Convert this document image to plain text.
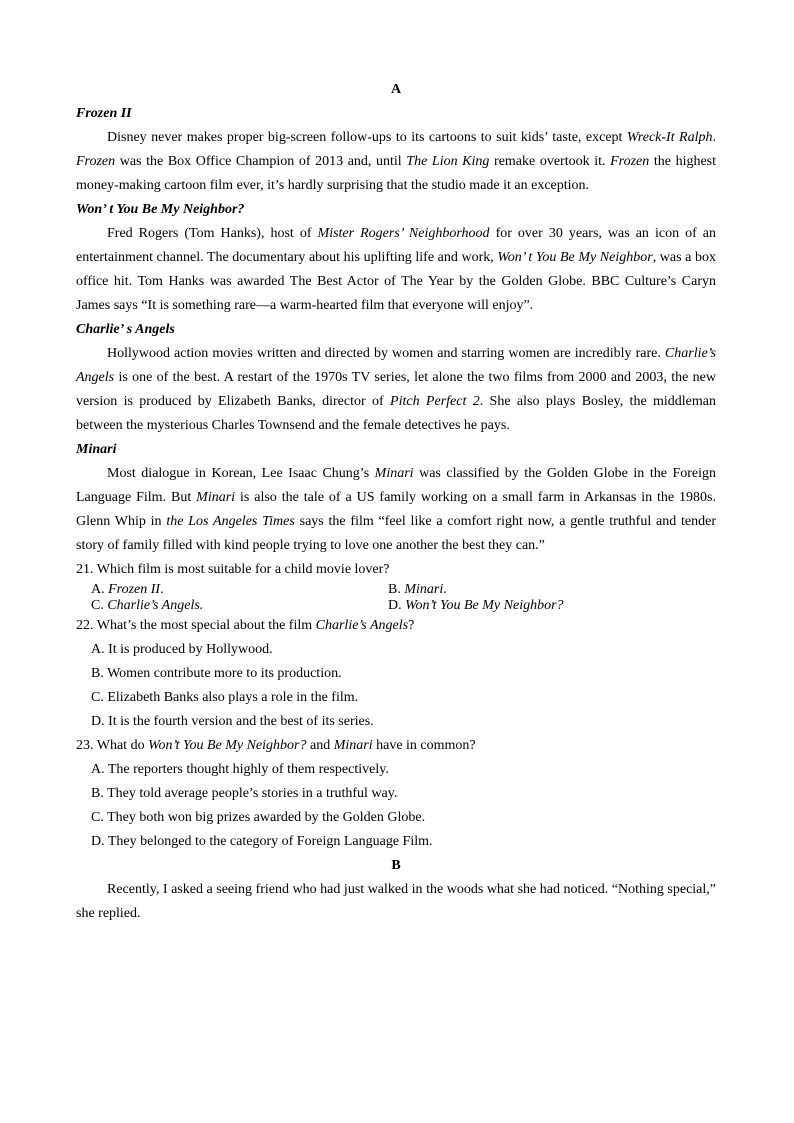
A
Frozen II
Disney never makes proper big-screen follow-ups to its cartoons to suit kids’ taste, except Wreck-It Ralph. Frozen was the Box Office Champion of 2013 and, until The Lion King remake overtook it. Frozen the highest money-making cartoon film ever, it’s hardly surprising that the studio made it an exception.
Won’ t You Be My Neighbor?
Fred Rogers (Tom Hanks), host of Mister Rogers’ Neighborhood for over 30 years, was an icon of an entertainment channel. The documentary about his uplifting life and work, Won’ t You Be My Neighbor, was a box office hit. Tom Hanks was awarded The Best Actor of The Year by the Golden Globe. BBC Culture’s Caryn James says “It is something rare—a warm-hearted film that everyone will enjoy”.
Charlie’ s Angels
Hollywood action movies written and directed by women and starring women are incredibly rare. Charlie’s Angels is one of the best. A restart of the 1970s TV series, let alone the two films from 2000 and 2003, the new version is produced by Elizabeth Banks, director of Pitch Perfect 2. She also plays Bosley, the middleman between the mysterious Charles Townsend and the female detectives he pays.
Minari
Most dialogue in Korean, Lee Isaac Chung’s Minari was classified by the Golden Globe in the Foreign Language Film. But Minari is also the tale of a US family working on a small farm in Arkansas in the 1980s. Glenn Whip in the Los Angeles Times says the film “feel like a comfort right now, a gentle truthful and tender story of family filled with kind people trying to love one another the best they can.”
21. Which film is most suitable for a child movie lover?
A. Frozen II.	B. Minari.
C. Charlie’s Angels.	D. Won’t You Be My Neighbor?
22. What’s the most special about the film Charlie’s Angels?
A. It is produced by Hollywood.
B. Women contribute more to its production.
C. Elizabeth Banks also plays a role in the film.
D. It is the fourth version and the best of its series.
23. What do Won’t You Be My Neighbor? and Minari have in common?
A. The reporters thought highly of them respectively.
B. They told average people’s stories in a truthful way.
C. They both won big prizes awarded by the Golden Globe.
D. They belonged to the category of Foreign Language Film.
B
Recently, I asked a seeing friend who had just walked in the woods what she had noticed. “Nothing special,” she replied.
